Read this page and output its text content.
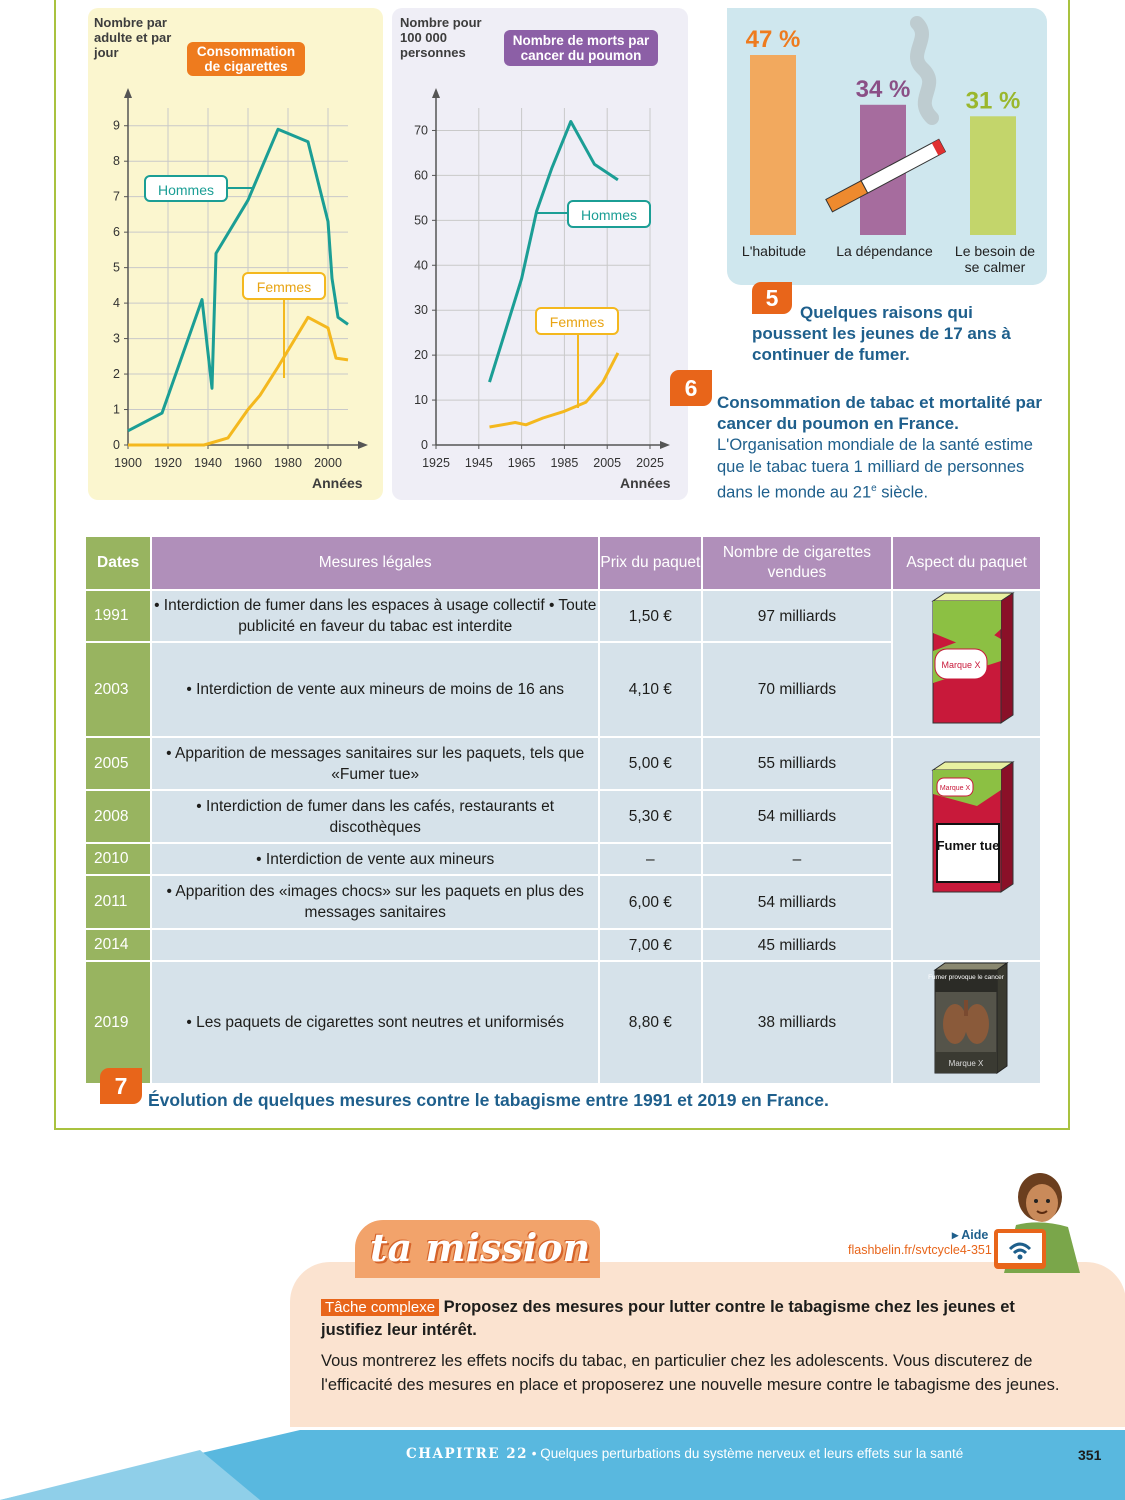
Nombre par adulte et par jour	Consommation de cigarettes
0
1
2
3
4
5
6
7
8
9
1900 1920 1940 1960 1980 2000
Années
Hommes
Femmes
Nombre pour 100 000 personnes
Nombre de morts par cancer du poumon
0
10
20
30
40
50
60
70
1925 1945 1965 1985 2005 2025
Années
Hommes
Femmes
47 %
34 % 31 %
L'habitude	La dépendance	Le besoin de se calmer
5
Quelques raisons qui poussent les jeunes de 17 ans à continuer de fumer.
6
Consommation de tabac et mortalité par cancer du poumon en France.
L'Organisation mondiale de la santé estime que le tabac tuera 1 milliard de personnes dans le monde au 21e siècle.
Dates	Mesures légales	Prix du paquet	Nombre de cigarettes vendues	Aspect du paquet
1991	• Interdiction de fumer dans les espaces à usage collectif • Toute publicité en faveur du tabac est interdite	1,50 €	97 milliards	Marque X

2003	• Interdiction de vente aux mineurs de moins de 16 ans	4,10 €	70 milliards	
2005	• Apparition de messages sanitaires sur les paquets, tels que «Fumer tue»	5,00 €	55 milliards	Marque X
Fumer tue

2008	• Interdiction de fumer dans les cafés, restaurants et discothèques	5,30 €	54 milliards	
2010	• Interdiction de vente aux mineurs	–	–	
2011	• Apparition des «images chocs» sur les paquets en plus des messages sanitaires	6,00 €	54 milliards	
2014		7,00 €	45 milliards	
2019	• Les paquets de cigarettes sont neutres et uniformisés	8,80 €	38 milliards	Fumer provoque le cancer
Marque X
7
Évolution de quelques mesures contre le tabagisme entre 1991 et 2019 en France.
ta mission	▸ Aide
flashbelin.fr/svtcycle4-351
Tâche complexe Proposez des mesures pour lutter contre le tabagisme chez les jeunes et justifiez leur intérêt.
Vous montrerez les effets nocifs du tabac, en particulier chez les adolescents. Vous discuterez de l'efficacité des mesures en place et proposerez une nouvelle mesure contre le tabagisme des jeunes.
CHAPITRE 22 • Quelques perturbations du système nerveux et leurs effets sur la santé	351
